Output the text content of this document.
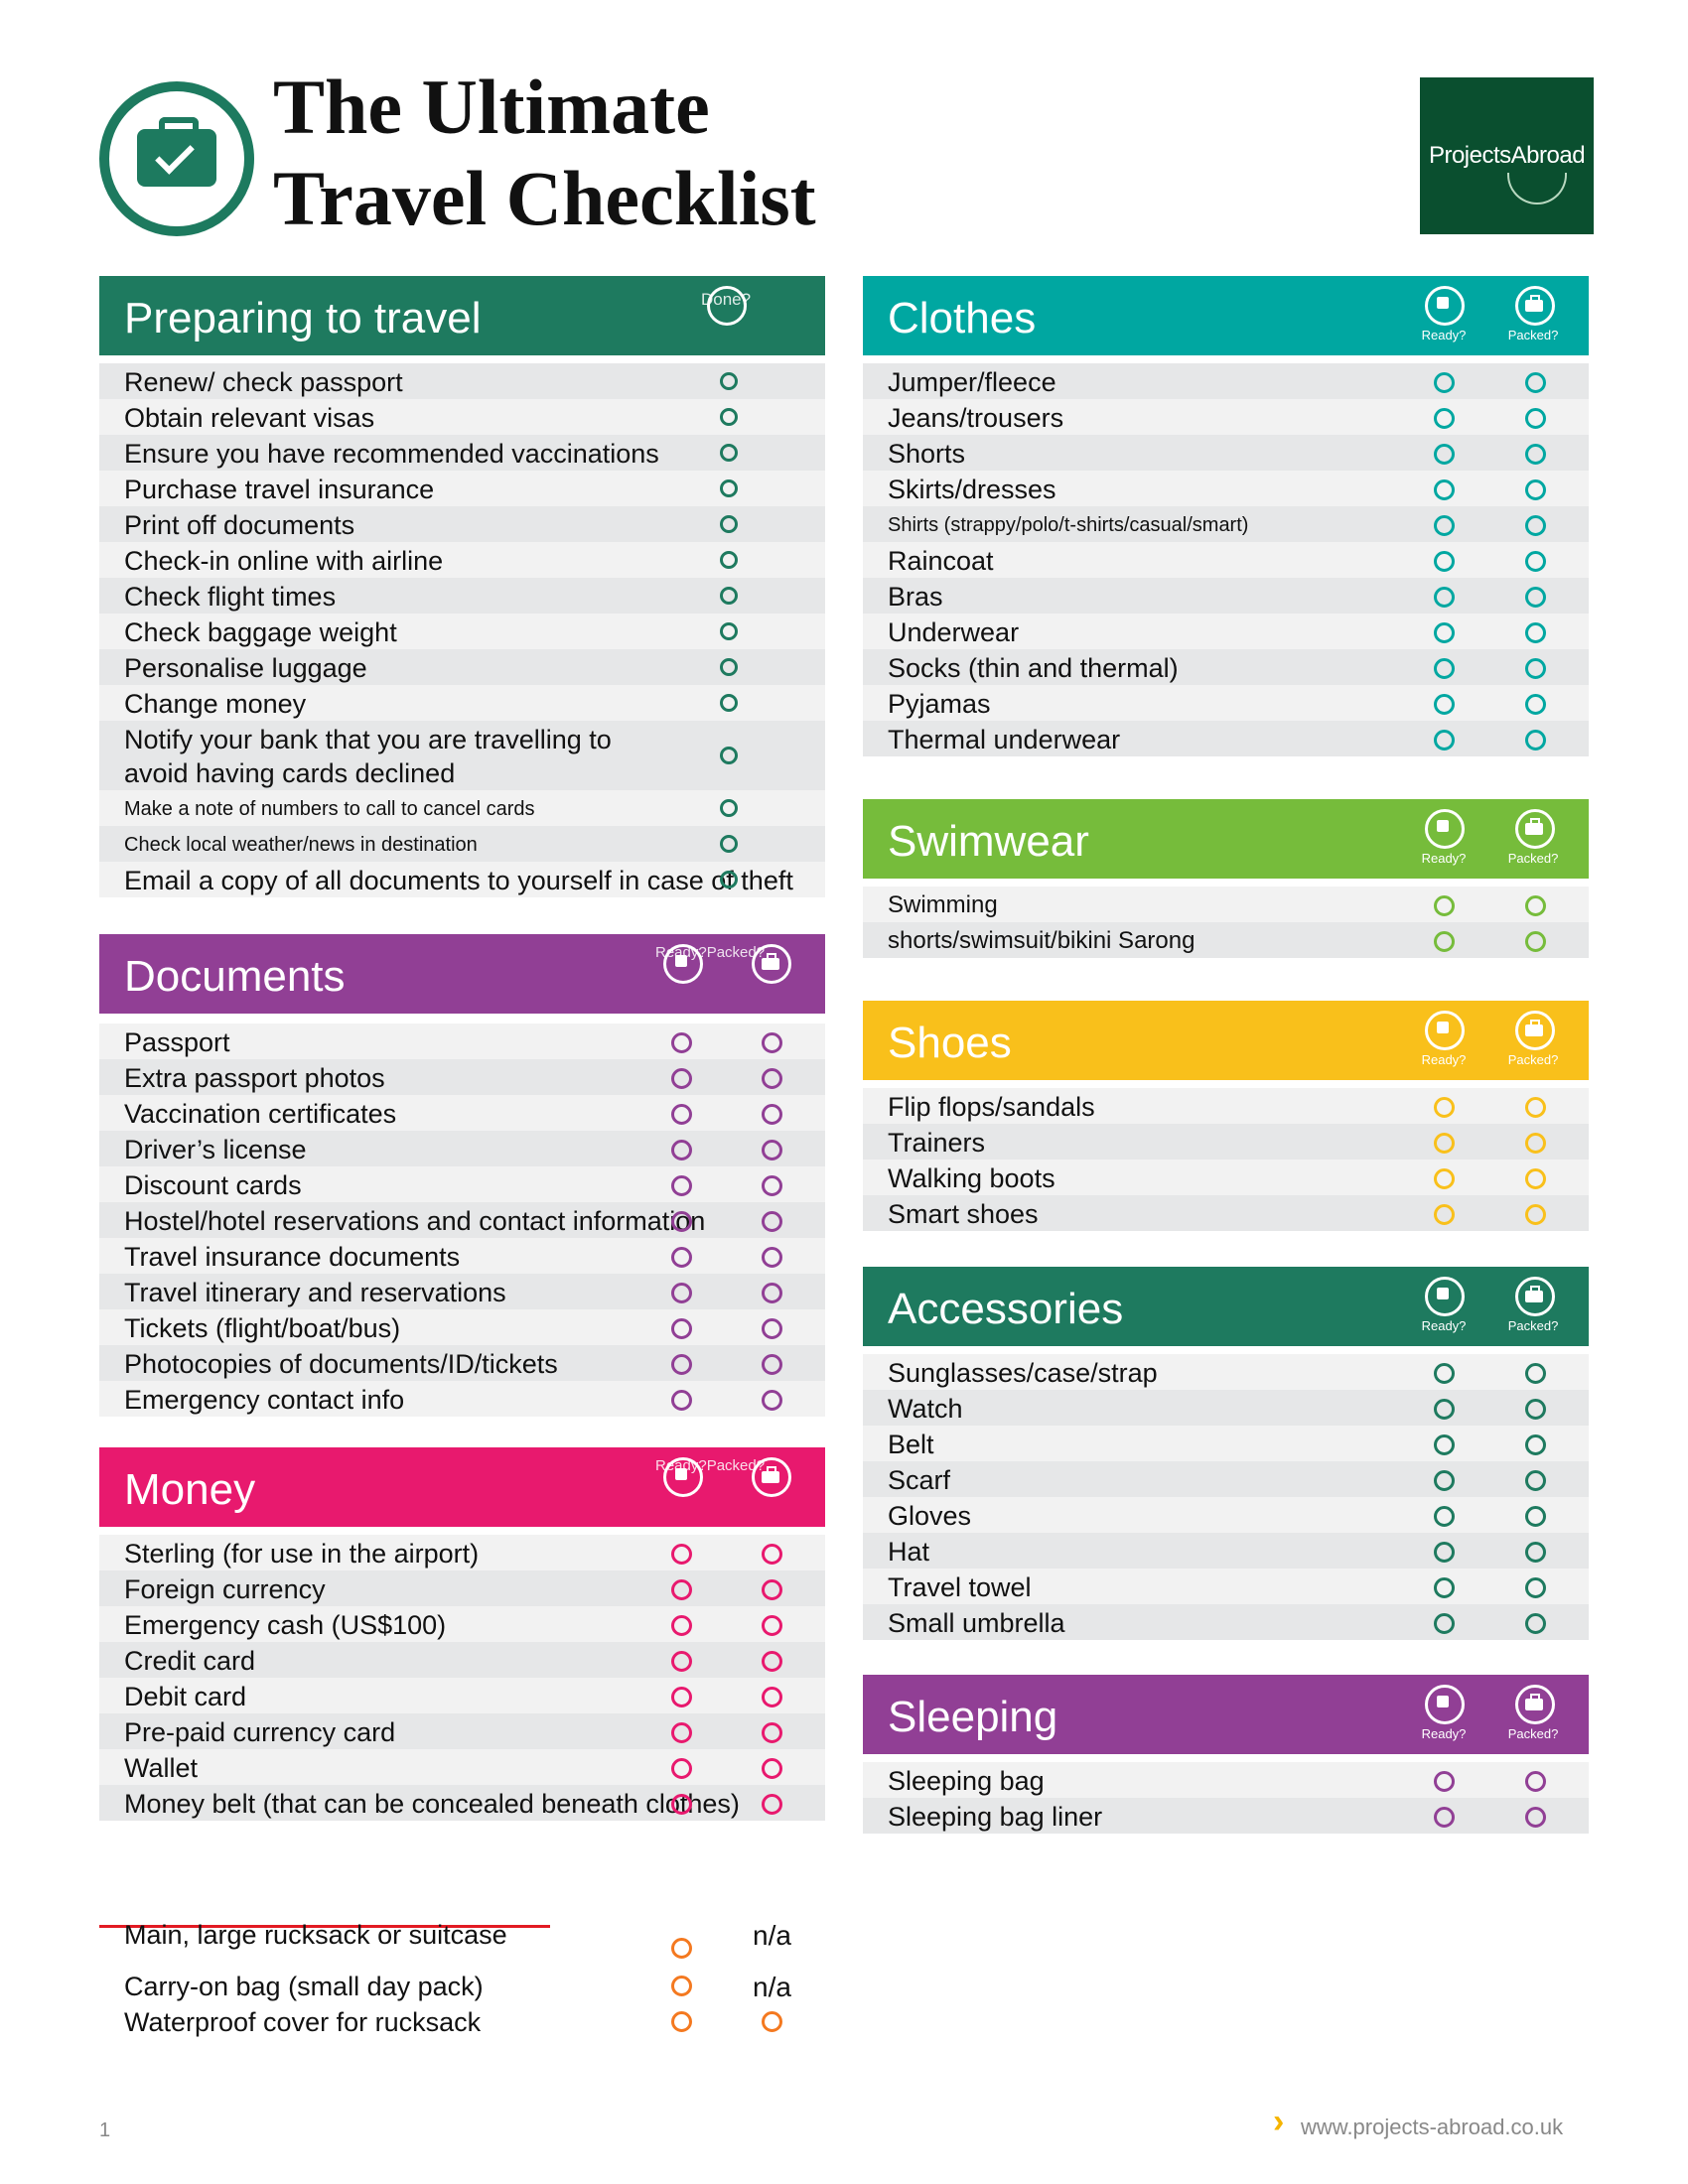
The Ultimate
Travel Checklist	ProjectsAbroad
Preparing to travel	Done?
Renew/ check passport
Obtain relevant visas
Ensure you have recommended vaccinations
Purchase travel insurance
Print off documents
Check-in online with airline
Check flight times
Check baggage weight
Personalise luggage
Change money
Notify your bank that you are travelling to
avoid having cards declined
Make a note of numbers to call to cancel cards
Check local weather/news in destination
Email a copy of all documents to yourself in case of theft
Documents	Ready?Packed?
Passport
Extra passport photos
Vaccination certificates
Driver’s license
Discount cards
Hostel/hotel reservations and contact information
Travel insurance documents
Travel itinerary and reservations
Tickets (flight/boat/bus)
Photocopies of documents/ID/tickets
Emergency contact info
Money	Ready?Packed?
Sterling (for use in the airport)
Foreign currency
Emergency cash (US$100)
Credit card
Debit card
Pre-paid currency card
Wallet
Money belt (that can be concealed beneath clothes)
Main, large rucksack or suitcase	n/a
Carry-on bag (small day pack)	n/a
Waterproof cover for rucksack
Clothes	Ready?	Packed?
Jumper/fleece
Jeans/trousers
Shorts
Skirts/dresses
Shirts (strappy/polo/t-shirts/casual/smart)
Raincoat
Bras
Underwear
Socks (thin and thermal)
Pyjamas
Thermal underwear
Swimwear	Ready?	Packed?
Swimming
shorts/swimsuit/bikini Sarong
Shoes	Ready?	Packed?
Flip flops/sandals
Trainers
Walking boots
Smart shoes
Accessories	Ready?	Packed?
Sunglasses/case/strap
Watch
Belt
Scarf
Gloves
Hat
Travel towel
Small umbrella
Sleeping	Ready?	Packed?
Sleeping bag
Sleeping bag liner
1	› www.projects-abroad.co.uk
